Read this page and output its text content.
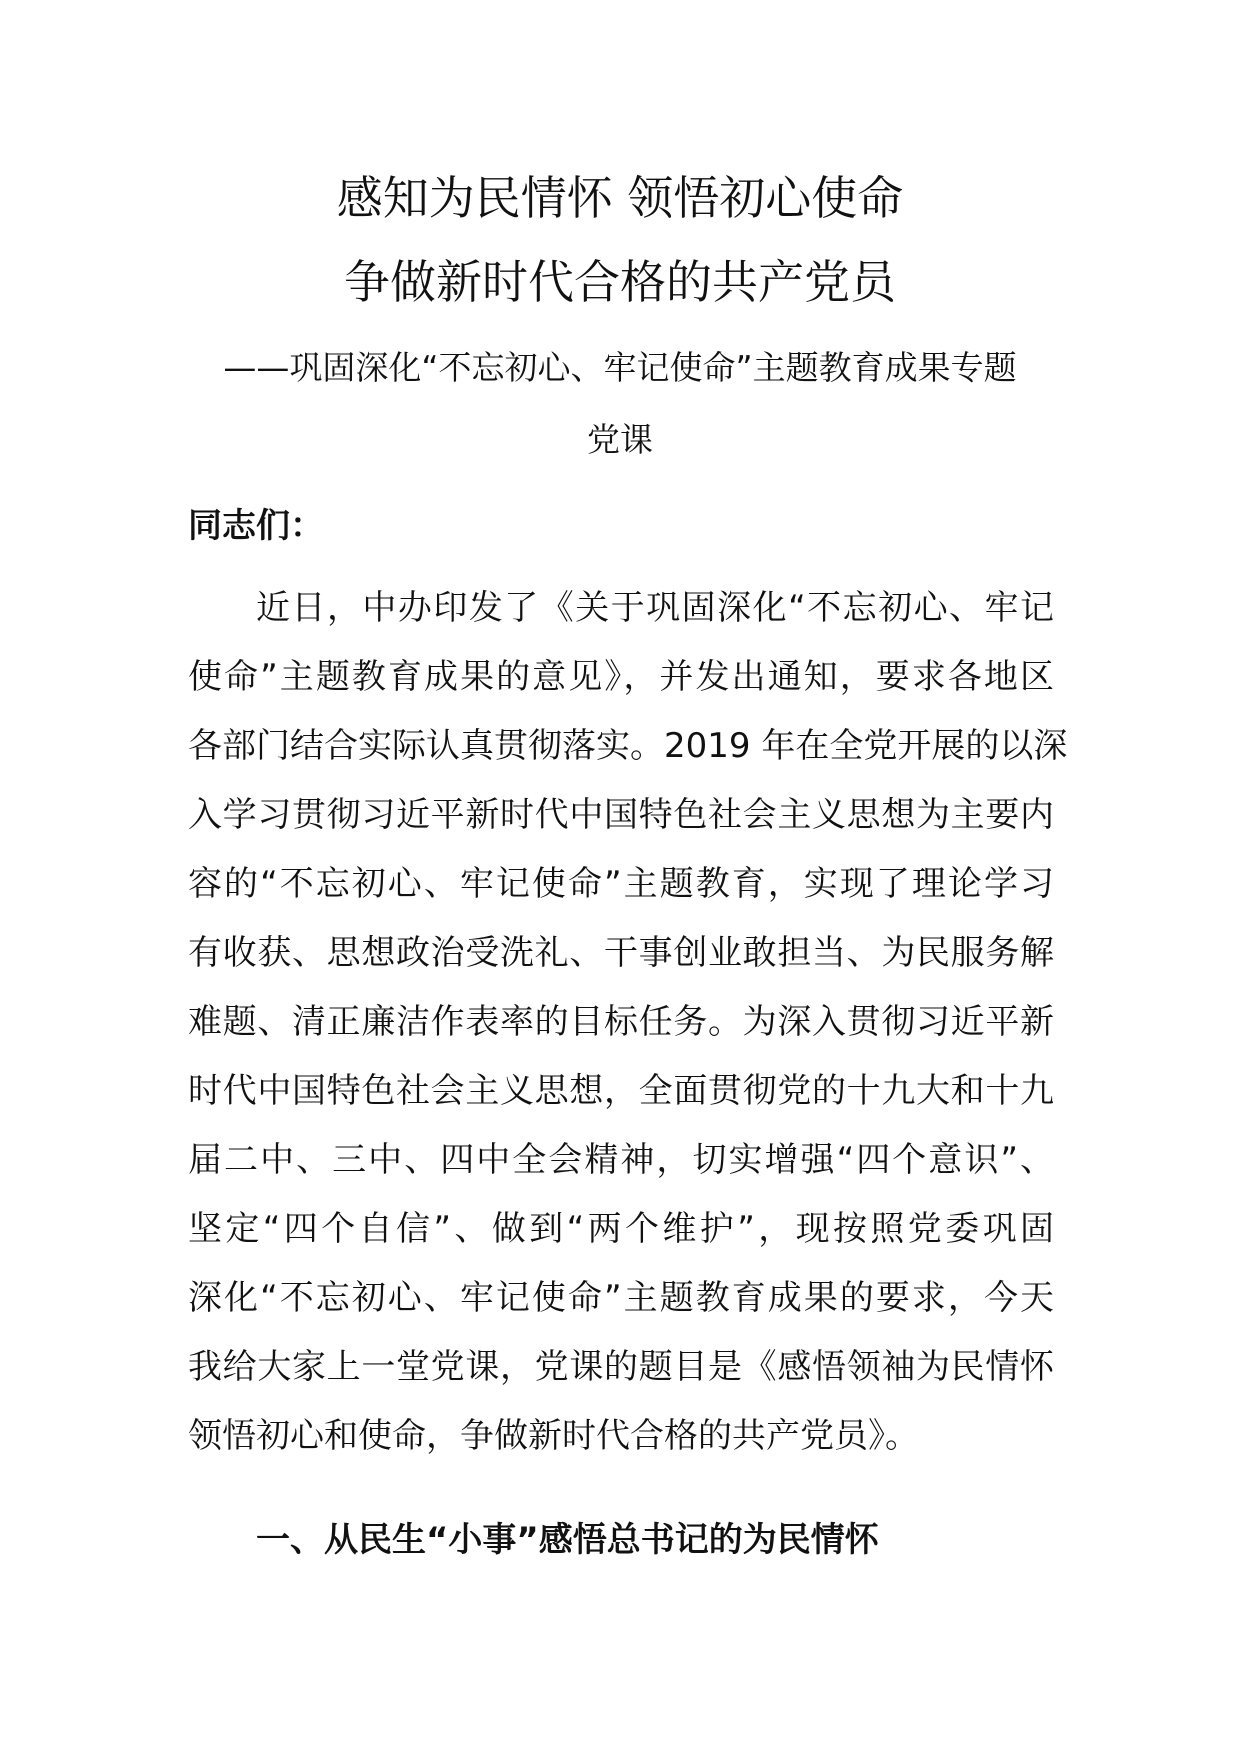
感知为民情怀 领悟初心使命
争做新时代合格的共产党员
——巩固深化“不忘初心、牢记使命”主题教育成果专题
党课
同志们：
近日，中办印发了《关于巩固深化“不忘初心、牢记
使命”主题教育成果的意见》，并发出通知，要求各地区
各部门结合实际认真贯彻落实。2019 年在全党开展的以深
入学习贯彻习近平新时代中国特色社会主义思想为主要内
容的“不忘初心、牢记使命”主题教育，实现了理论学习
有收获、思想政治受洗礼、干事创业敢担当、为民服务解
难题、清正廉洁作表率的目标任务。为深入贯彻习近平新
时代中国特色社会主义思想，全面贯彻党的十九大和十九
届二中、三中、四中全会精神，切实增强“四个意识”、
坚定“四个自信”、做到“两个维护”，现按照党委巩固
深化“不忘初心、牢记使命”主题教育成果的要求，今天
我给大家上一堂党课，党课的题目是《感悟领袖为民情怀
领悟初心和使命，争做新时代合格的共产党员》。
一、从民生“小事”感悟总书记的为民情怀
